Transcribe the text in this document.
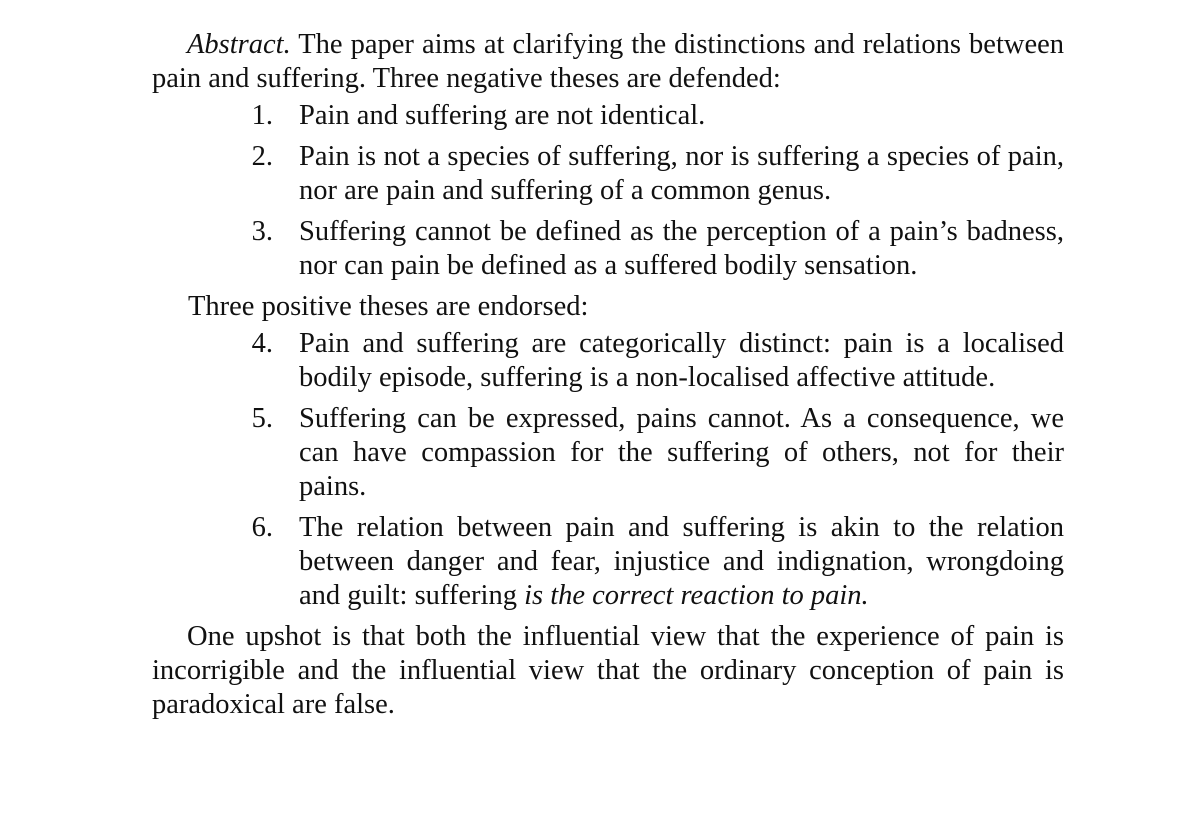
Abstract. The paper aims at clarifying the distinctions and relations between pain and suffering. Three negative theses are defended:

1. Pain and suffering are not identical.
2. Pain is not a species of suffering, nor is suffering a species of pain, nor are pain and suffering of a common genus.
3. Suffering cannot be defined as the perception of a pain’s badness, nor can pain be defined as a suffered bodily sensation.

Three positive theses are endorsed:

4. Pain and suffering are categorically distinct: pain is a localised bodily episode, suffering is a non-localised affective attitude.
5. Suffering can be expressed, pains cannot. As a consequence, we can have compassion for the suffering of others, not for their pains.
6. The relation between pain and suffering is akin to the relation between danger and fear, injustice and indignation, wrongdoing and guilt: suffering is the correct reaction to pain.

One upshot is that both the influential view that the experience of pain is incorrigible and the influential view that the ordinary conception of pain is paradoxical are false.
